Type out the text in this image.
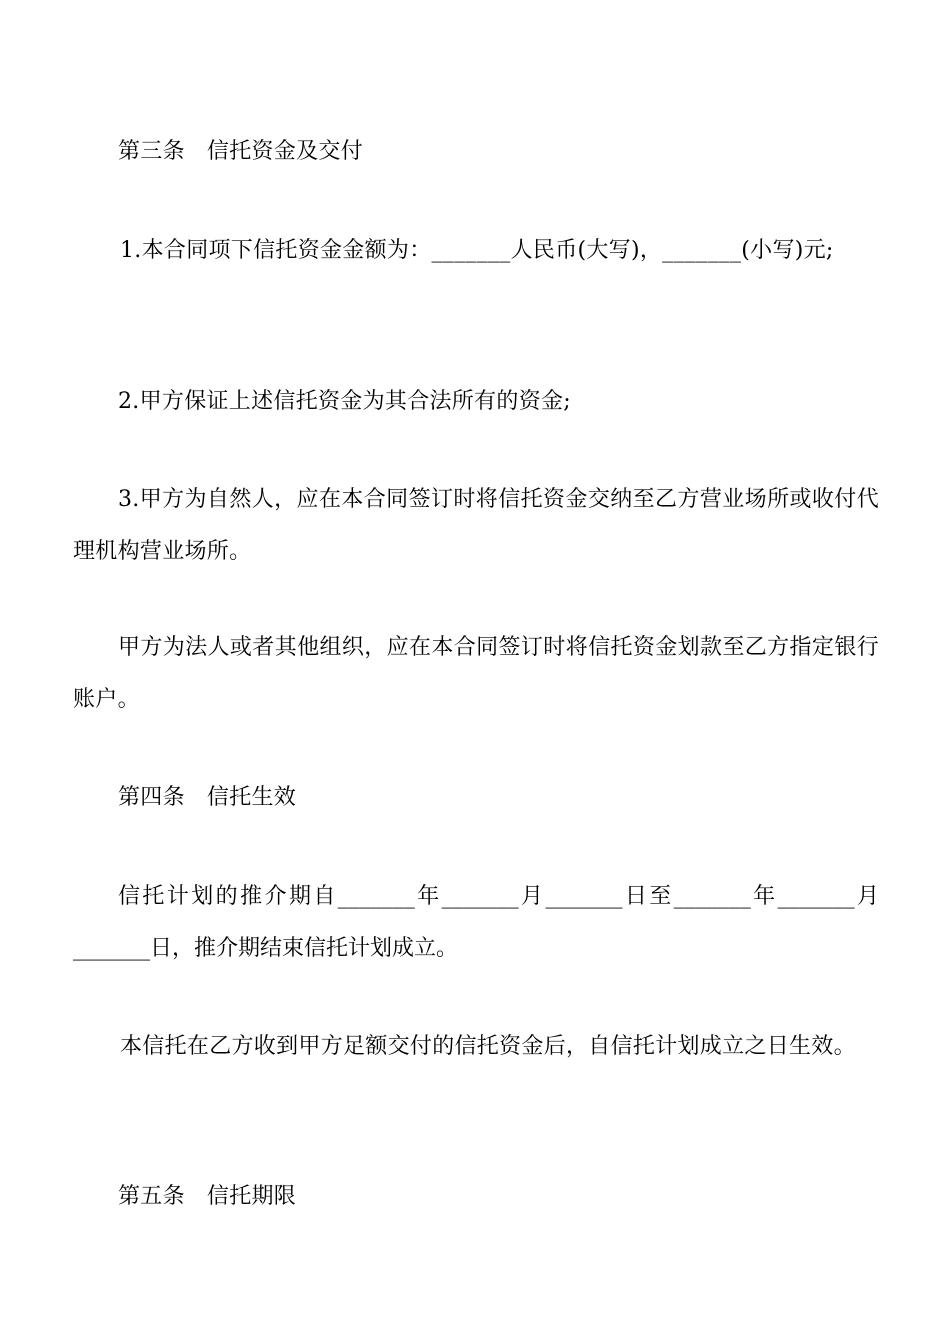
第三条 信托资金及交付
1.本合同项下信托资金金额为：_______人民币(大写)，_______(小写)元;
2.甲方保证上述信托资金为其合法所有的资金;
3.甲方为自然人，应在本合同签订时将信托资金交纳至乙方营业场所或收付代理机构营业场所。
甲方为法人或者其他组织，应在本合同签订时将信托资金划款至乙方指定银行账户。
第四条 信托生效
信托计划的推介期自_______年_______月_______日至_______年_______月_______日，推介期结束信托计划成立。
本信托在乙方收到甲方足额交付的信托资金后，自信托计划成立之日生效。
第五条 信托期限
